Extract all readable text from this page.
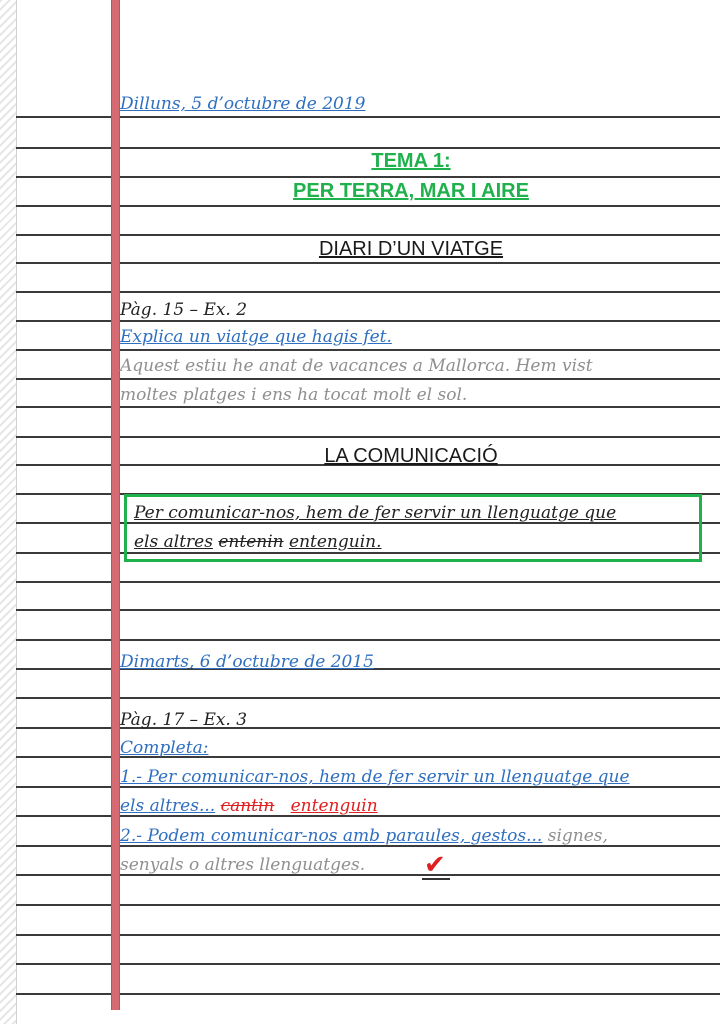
Dilluns, 5 d’octubre de 2019
TEMA 1:
PER TERRA, MAR I AIRE
DIARI D’UN VIATGE
Pàg. 15 – Ex. 2
Explica un viatge que hagis fet.
Aquest estiu he anat de vacances a Mallorca. Hem vist
moltes platges i ens ha tocat molt el sol.
LA COMUNICACIÓ
Per comunicar-nos, hem de fer servir un llenguatge que
els altres entenin entenguin.
Dimarts, 6 d’octubre de 2015
Pàg. 17 – Ex. 3
Completa:
1.- Per comunicar-nos, hem de fer servir un llenguatge que
els altres... cantin entenguin
2.- Podem comunicar-nos amb paraules, gestos... signes,
senyals o altres llenguatges. ✔
